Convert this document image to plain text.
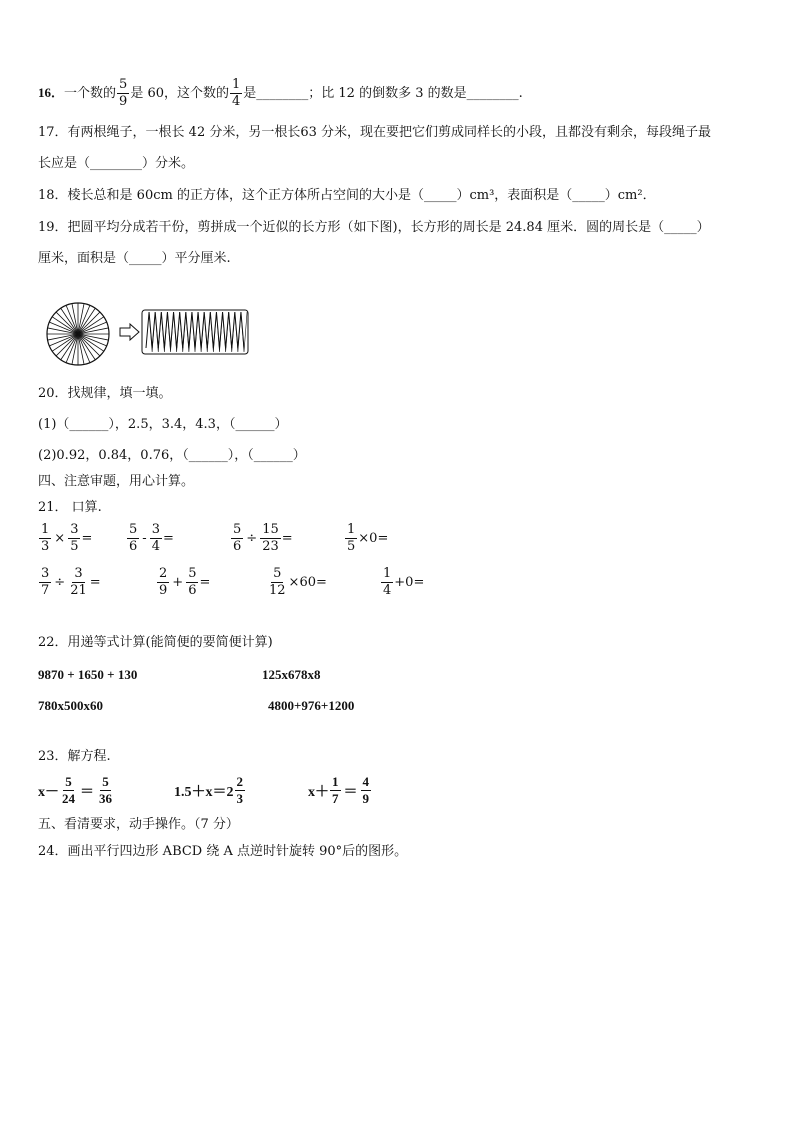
16．一个数的 $\frac{5}{9}$ 是 60，这个数的 $\frac{1}{4}$ 是________；比 12 的倒数多 3 的数是________.
17．有两根绳子，一根长 42 分米，另一根长63 分米，现在要把它们剪成同样长的小段，且都没有剩余，每段绳子最
长应是（________）分米。
18．棱长总和是 60cm 的正方体，这个正方体所占空间的大小是（_____）cm³，表面积是（_____）cm²．
19．把圆平均分成若干份，剪拼成一个近似的长方形（如下图)，长方形的周长是 24.84 厘米．圆的周长是（_____）
厘米，面积是（_____）平分厘米.
20．找规律，填一填。
(1)（______），2.5，3.4，4.3，（______）
(2)0.92，0.84，0.76，（______），（______）
四、注意审题，用心计算。
21． 口算.
$\frac{1}{3} \times \frac{3}{5}$ =	$\frac{5}{6} - \frac{3}{4}$ =	$\frac{5}{6} \div \frac{15}{23}$ =	$\frac{1}{5} \times 0=$
$\frac{3}{7} \div \frac{3}{21}$ =	$\frac{2}{9} + \frac{5}{6}$ =	$\frac{5}{12} \times 60=$	$\frac{1}{4} +0=$
22．用递等式计算(能简便的要简便计算)
9870 + 1650 + 130	125x678x8
780x500x60	4800+976+1200
23．解方程.
$x- \frac{5}{24} = \frac{5}{36}$	$1.5+x=2 \frac{2}{3}$	$x+ \frac{1}{7} = \frac{4}{9}$
五、看清要求，动手操作。（7 分）
24．画出平行四边形 ABCD 绕 A 点逆时针旋转 90°后的图形。
